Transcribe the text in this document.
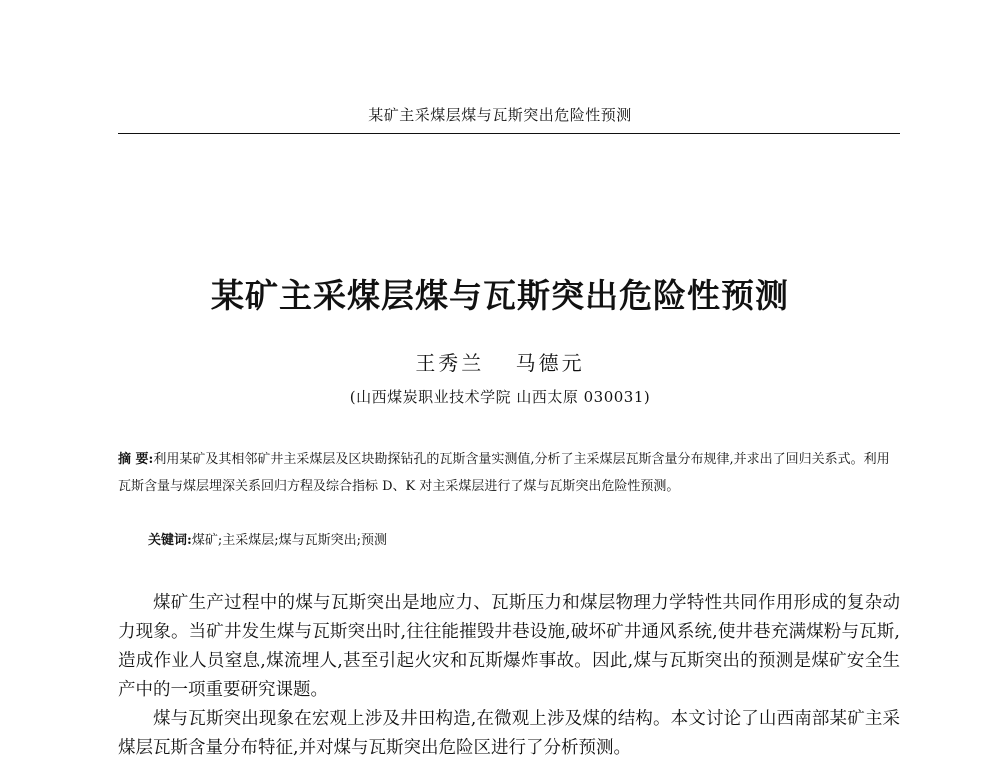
某矿主采煤层煤与瓦斯突出危险性预测
某矿主采煤层煤与瓦斯突出危险性预测
王秀兰 马德元
(山西煤炭职业技术学院 山西太原 030031)

摘 要:利用某矿及其相邻矿井主采煤层及区块勘探钻孔的瓦斯含量实测值,分析了主采煤层瓦斯含量分布规律,并求出了回归关系式。利用瓦斯含量与煤层埋深关系回归方程及综合指标 D、K 对主采煤层进行了煤与瓦斯突出危险性预测。

关键词:煤矿;主采煤层;煤与瓦斯突出;预测

煤矿生产过程中的煤与瓦斯突出是地应力、瓦斯压力和煤层物理力学特性共同作用形成的复杂动力现象。当矿井发生煤与瓦斯突出时,往往能摧毁井巷设施,破坏矿井通风系统,使井巷充满煤粉与瓦斯,造成作业人员窒息,煤流埋人,甚至引起火灾和瓦斯爆炸事故。因此,煤与瓦斯突出的预测是煤矿安全生产中的一项重要研究课题。

煤与瓦斯突出现象在宏观上涉及井田构造,在微观上涉及煤的结构。本文讨论了山西南部某矿主采煤层瓦斯含量分布特征,并对煤与瓦斯突出危险区进行了分析预测。
